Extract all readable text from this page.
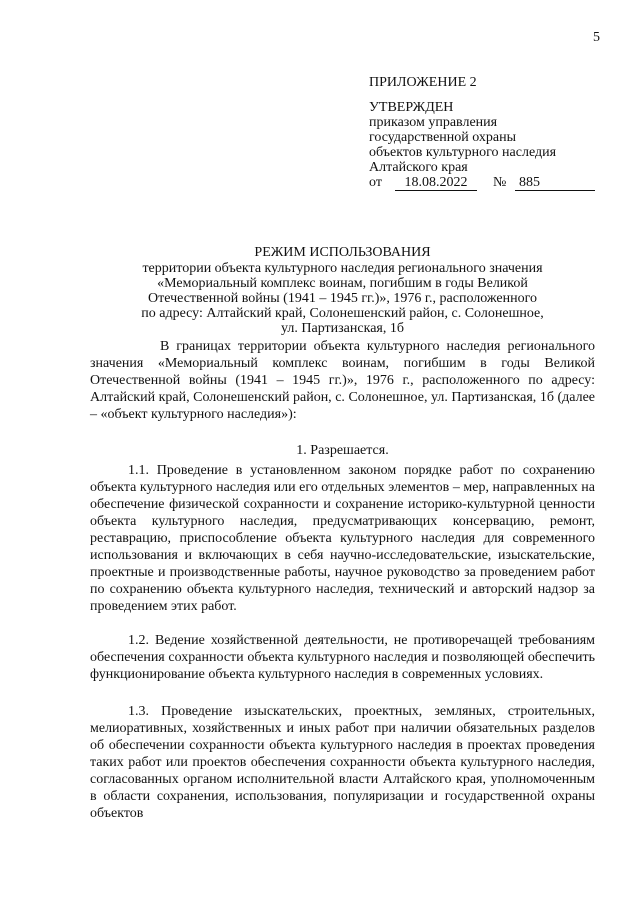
5
ПРИЛОЖЕНИЕ 2
УТВЕРЖДЕН
приказом управления
государственной охраны
объектов культурного наследия
Алтайского края
от	18.08.2022	№ 885
РЕЖИМ ИСПОЛЬЗОВАНИЯ
территории объекта культурного наследия регионального значения
«Мемориальный комплекс воинам, погибшим в годы Великой
Отечественной войны (1941 – 1945 гг.)», 1976 г., расположенного
по адресу: Алтайский край, Солонешенский район, с. Солонешное,
ул. Партизанская, 1б

В границах территории объекта культурного наследия регионального значения «Мемориальный комплекс воинам, погибшим в годы Великой Отечественной войны (1941 – 1945 гг.)», 1976 г., расположенного по адресу: Алтайский край, Солонешенский район, с. Солонешное, ул. Партизанская, 1б (далее – «объект культурного наследия»):

1. Разрешается.

1.1. Проведение в установленном законом порядке работ по сохранению объекта культурного наследия или его отдельных элементов – мер, направленных на обеспечение физической сохранности и сохранение историко-культурной ценности объекта культурного наследия, предусматривающих консервацию, ремонт, реставрацию, приспособление объекта культурного наследия для современного использования и включающих в себя научно-исследовательские, изыскательские, проектные и производственные работы, научное руководство за проведением работ по сохранению объекта культурного наследия, технический и авторский надзор за проведением этих работ.

1.2. Ведение хозяйственной деятельности, не противоречащей требованиям обеспечения сохранности объекта культурного наследия и позволяющей обеспечить функционирование объекта культурного наследия в современных условиях.

1.3. Проведение изыскательских, проектных, земляных, строительных, мелиоративных, хозяйственных и иных работ при наличии обязательных разделов об обеспечении сохранности объекта культурного наследия в проектах проведения таких работ или проектов обеспечения сохранности объекта культурного наследия, согласованных органом исполнительной власти Алтайского края, уполномоченным в области сохранения, использования, популяризации и государственной охраны объектов
